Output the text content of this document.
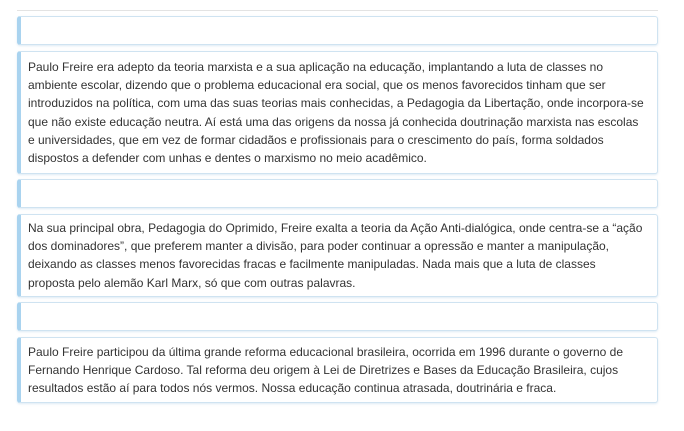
Paulo Freire era adepto da teoria marxista e a sua aplicação na educação, implantando a luta de classes no ambiente escolar, dizendo que o problema educacional era social, que os menos favorecidos tinham que ser introduzidos na política, com uma das suas teorias mais conhecidas, a Pedagogia da Libertação, onde incorpora-se que não existe educação neutra. Aí está uma das origens da nossa já conhecida doutrinação marxista nas escolas e universidades, que em vez de formar cidadãos e profissionais para o crescimento do país, forma soldados dispostos a defender com unhas e dentes o marxismo no meio acadêmico.

Na sua principal obra, Pedagogia do Oprimido, Freire exalta a teoria da Ação Anti-dialógica, onde centra-se a “ação dos dominadores”, que preferem manter a divisão, para poder continuar a opressão e manter a manipulação, deixando as classes menos favorecidas fracas e facilmente manipuladas. Nada mais que a luta de classes proposta pelo alemão Karl Marx, só que com outras palavras.

Paulo Freire participou da última grande reforma educacional brasileira, ocorrida em 1996 durante o governo de Fernando Henrique Cardoso. Tal reforma deu origem à Lei de Diretrizes e Bases da Educação Brasileira, cujos resultados estão aí para todos nós vermos. Nossa educação continua atrasada, doutrinária e fraca.
